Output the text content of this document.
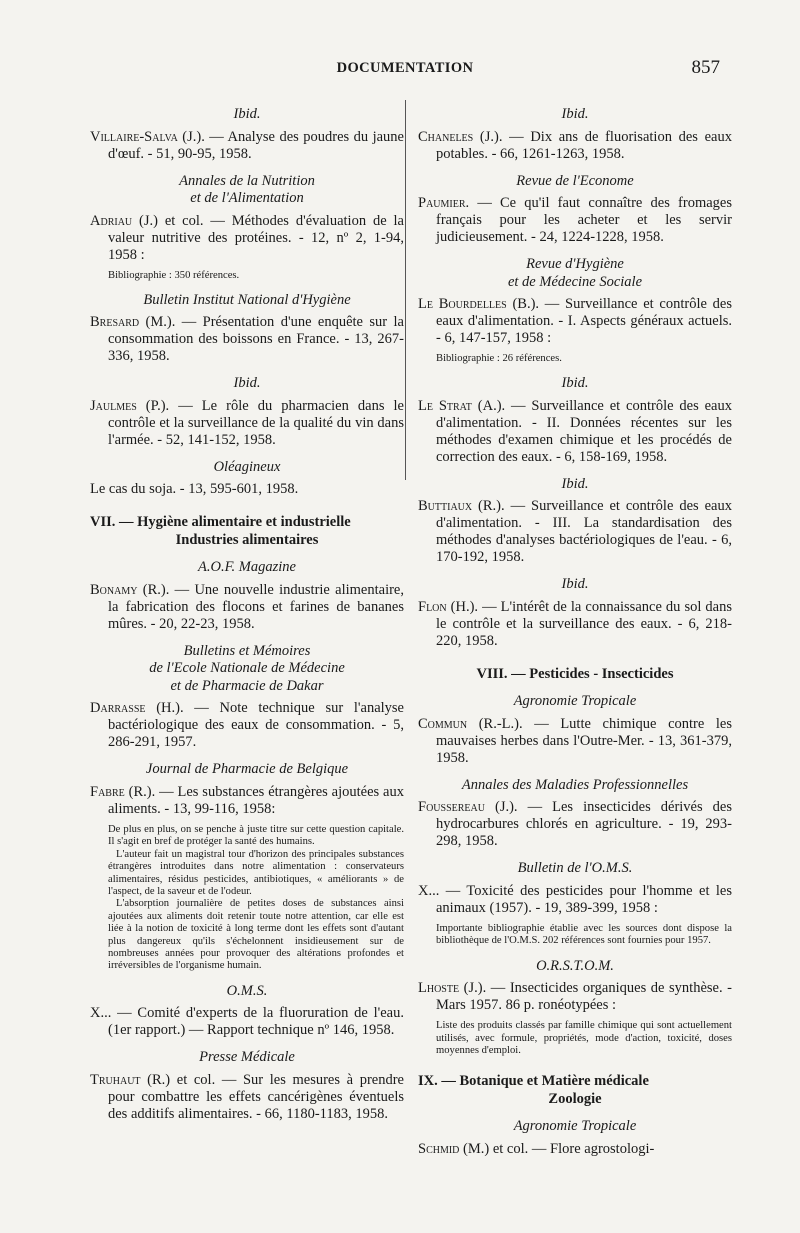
DOCUMENTATION	857
Ibid.

Villaire-Salva (J.). — Analyse des poudres du jaune d'œuf. - 51, 90-95, 1958.

Annales de la Nutrition
et de l'Alimentation

Adriau (J.) et col. — Méthodes d'évaluation de la valeur nutritive des protéines. - 12, nº 2, 1-94, 1958 :

Bibliographie : 350 références.

Bulletin Institut National d'Hygiène

Bresard (M.). — Présentation d'une enquête sur la consommation des boissons en France. - 13, 267-336, 1958.

Ibid.

Jaulmes (P.). — Le rôle du pharmacien dans le contrôle et la surveillance de la qualité du vin dans l'armée. - 52, 141-152, 1958.

Oléagineux

Le cas du soja. - 13, 595-601, 1958.

VII. — Hygiène alimentaire et industrielle
Industries alimentaires
A.O.F. Magazine

Bonamy (R.). — Une nouvelle industrie alimentaire, la fabrication des flocons et farines de bananes mûres. - 20, 22-23, 1958.

Bulletins et Mémoires
de l'Ecole Nationale de Médecine
et de Pharmacie de Dakar

Darrasse (H.). — Note technique sur l'analyse bactériologique des eaux de consommation. - 5, 286-291, 1957.

Journal de Pharmacie de Belgique

Fabre (R.). — Les substances étrangères ajoutées aux aliments. - 13, 99-116, 1958:

De plus en plus, on se penche à juste titre sur cette question capitale. Il s'agit en bref de protéger la santé des humains.

L'auteur fait un magistral tour d'horizon des principales substances étrangères introduites dans notre alimentation : conservateurs alimentaires, résidus pesticides, antibiotiques, « améliorants » de l'aspect, de la saveur et de l'odeur.

L'absorption journalière de petites doses de substances ainsi ajoutées aux aliments doit retenir toute notre attention, car elle est liée à la notion de toxicité à long terme dont les effets sont d'autant plus dangereux qu'ils s'échelonnent insidieusement sur de nombreuses années pour provoquer des altérations profondes et irréversibles de l'organisme humain.

O.M.S.

X... — Comité d'experts de la fluoruration de l'eau. (1er rapport.) — Rapport technique nº 146, 1958.

Presse Médicale

Truhaut (R.) et col. — Sur les mesures à prendre pour combattre les effets cancérigènes éventuels des additifs alimentaires. - 66, 1180-1183, 1958.

Ibid.

Chaneles (J.). — Dix ans de fluorisation des eaux potables. - 66, 1261-1263, 1958.

Revue de l'Econome

Paumier. — Ce qu'il faut connaître des fromages français pour les acheter et les servir judicieusement. - 24, 1224-1228, 1958.

Revue d'Hygiène
et de Médecine Sociale

Le Bourdelles (B.). — Surveillance et contrôle des eaux d'alimentation. - I. Aspects généraux actuels. - 6, 147-157, 1958 :

Bibliographie : 26 références.

Ibid.

Le Strat (A.). — Surveillance et contrôle des eaux d'alimentation. - II. Données récentes sur les méthodes d'examen chimique et les procédés de correction des eaux. - 6, 158-169, 1958.

Ibid.

Buttiaux (R.). — Surveillance et contrôle des eaux d'alimentation. - III. La standardisation des méthodes d'analyses bactériologiques de l'eau. - 6, 170-192, 1958.

Ibid.

Flon (H.). — L'intérêt de la connaissance du sol dans le contrôle et la surveillance des eaux. - 6, 218-220, 1958.

VIII. — Pesticides - Insecticides
Agronomie Tropicale

Commun (R.-L.). — Lutte chimique contre les mauvaises herbes dans l'Outre-Mer. - 13, 361-379, 1958.

Annales des Maladies Professionnelles

Foussereau (J.). — Les insecticides dérivés des hydrocarbures chlorés en agriculture. - 19, 293-298, 1958.

Bulletin de l'O.M.S.

X... — Toxicité des pesticides pour l'homme et les animaux (1957). - 19, 389-399, 1958 :

Importante bibliographie établie avec les sources dont dispose la bibliothèque de l'O.M.S. 202 références sont fournies pour 1957.

O.R.S.T.O.M.

Lhoste (J.). — Insecticides organiques de synthèse. - Mars 1957. 86 p. ronéotypées :

Liste des produits classés par famille chimique qui sont actuellement utilisés, avec formule, propriétés, mode d'action, toxicité, doses moyennes d'emploi.

IX. — Botanique et Matière médicale
Zoologie
Agronomie Tropicale

Schmid (M.) et col. — Flore agrostologi-
